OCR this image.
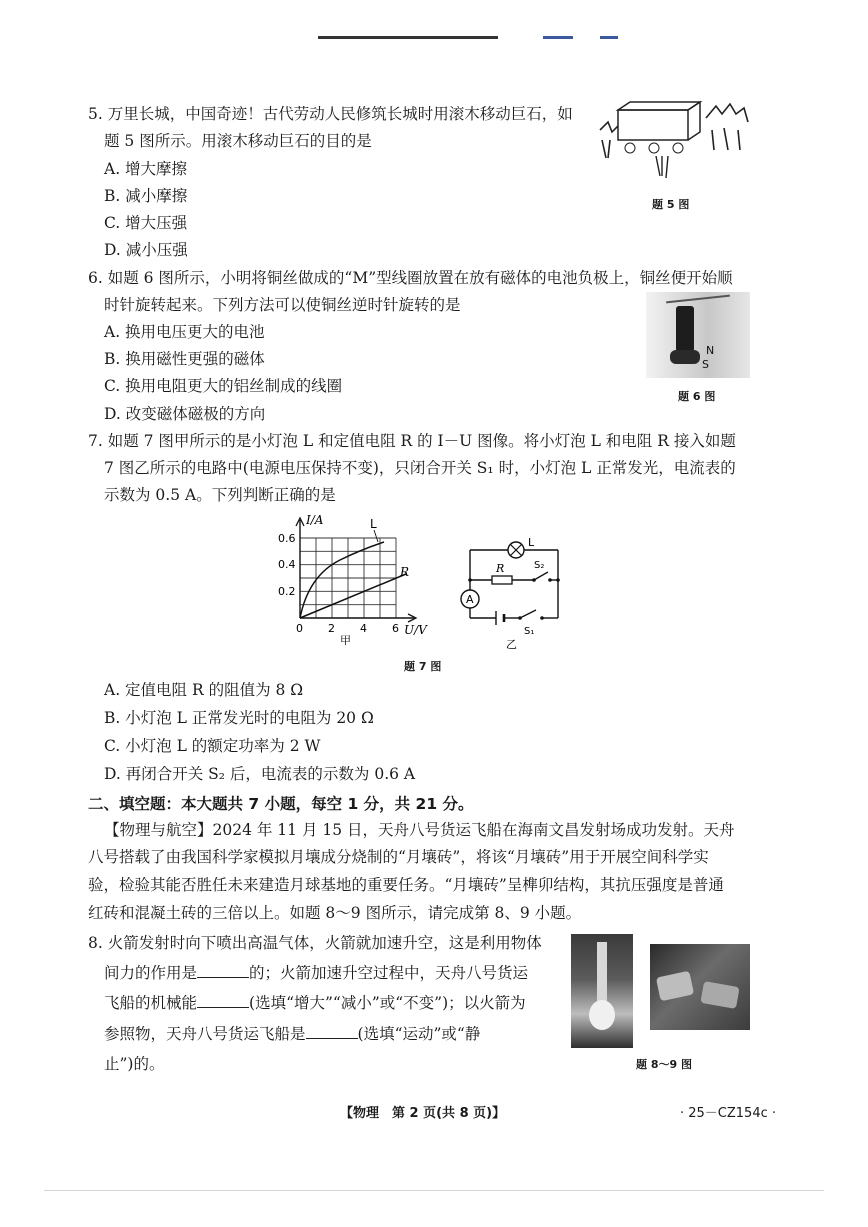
5. 万里长城，中国奇迹！古代劳动人民修筑长城时用滚木移动巨石，如
题 5 图所示。用滚木移动巨石的目的是
A. 增大摩擦
B. 减小摩擦
C. 增大压强
D. 减小压强
题 5 图
6. 如题 6 图所示，小明将铜丝做成的“M”型线圈放置在放有磁体的电池负极上，铜丝便开始顺
时针旋转起来。下列方法可以使铜丝逆时针旋转的是
A. 换用电压更大的电池
B. 换用磁性更强的磁体
C. 换用电阻更大的铝丝制成的线圈
D. 改变磁体磁极的方向
N
S
题 6 图
7. 如题 7 图甲所示的是小灯泡 L 和定值电阻 R 的 I－U 图像。将小灯泡 L 和电阻 R 接入如题
7 图乙所示的电路中(电源电压保持不变)，只闭合开关 S₁ 时，小灯泡 L 正常发光，电流表的
示数为 0.5 A。下列判断正确的是
0.6
0.4
0.2
0 2 4 6
I/A
U/V
L
R
甲
A
L
R	S₂
S₁
乙
题 7 图
A. 定值电阻 R 的阻值为 8 Ω
B. 小灯泡 L 正常发光时的电阻为 20 Ω
C. 小灯泡 L 的额定功率为 2 W
D. 再闭合开关 S₂ 后，电流表的示数为 0.6 A
二、填空题：本大题共 7 小题，每空 1 分，共 21 分。
【物理与航空】2024 年 11 月 15 日，天舟八号货运飞船在海南文昌发射场成功发射。天舟
八号搭载了由我国科学家模拟月壤成分烧制的“月壤砖”，将该“月壤砖”用于开展空间科学实
验，检验其能否胜任未来建造月球基地的重要任务。“月壤砖”呈榫卯结构，其抗压强度是普通
红砖和混凝土砖的三倍以上。如题 8～9 图所示，请完成第 8、9 小题。
8. 火箭发射时向下喷出高温气体，火箭就加速升空，这是利用物体
间力的作用是	的；火箭加速升空过程中，天舟八号货运
飞船的机械能	(选填“增大”“减小”或“不变”)；以火箭为
参照物，天舟八号货运飞船是	(选填“运动”或“静
止”)的。	题 8～9 图
【物理　第 2 页(共 8 页)】	· 25－CZ154c ·
